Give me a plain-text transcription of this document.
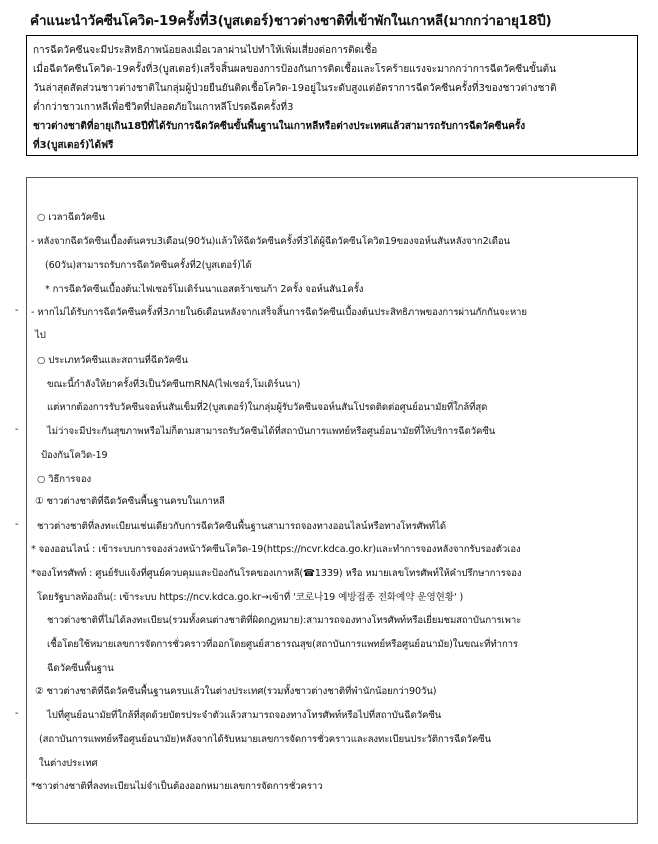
คำแนะนำวัคซีนโควิด-19ครั้งที่3(บูสเตอร์)ชาวต่างชาติที่เข้าพักในเกาหลี(มากกว่าอายุ18ปี)

การฉีดวัคซีนจะมีประสิทธิภาพน้อยลงเมื่อเวลาผ่านไปทำให้เพิ่มเสี่ยงต่อการติดเชื้อ

เมื่อฉีดวัคซีนโควิด-19ครั้งที่3(บูสเตอร์)เสร็จสิ้นผลของการป้องกันการติดเชื้อและโรคร้ายแรงจะมากกว่าการฉีดวัคซีนขั้นต้น

วันล่าสุดสัดส่วนชาวต่างชาติในกลุ่มผู้ป่วยยืนยันติดเชื้อโควิด-19อยู่ในระดับสูงแต่อัตราการฉีดวัคซีนครั้งที่3ของชาวต่างชาติ

ต่ำกว่าชาวเกาหลีเพื่อชีวิตที่ปลอดภัยในเกาหลีโปรดฉีดครั้งที่3

ชาวต่างชาติที่อายุเกิน18ปีที่ได้รับการฉีดวัคซีนขั้นพื้นฐานในเกาหลีหรือต่างประเทศแล้วสามารถรับการฉีดวัคซีนครั้ง

ที่3(บูสเตอร์)ได้ฟรี

○ เวลาฉีดวัคซีน
- หลังจากฉีดวัคซีนเบื้องต้นครบ3เดือน(90วัน)แล้วให้ฉีดวัคซีนครั้งที่3ได้ผู้ฉีดวัคซีนโควิด19ของจอห์นสันหลังจาก2เดือน
(60วัน)สามารถรับการฉีดวัคซีนครั้งที่2(บูสเตอร์)ได้
* การฉีดวัคซีนเบื้องต้น:ไฟเซอร์โมเดิร์นนาแอสตร้าเซนก้า 2ครั้ง จอห์นสัน1ครั้ง
- - หากไม่ได้รับการฉีดวัคซีนครั้งที่3ภายใน6เดือนหลังจากเสร็จสิ้นการฉีดวัคซีนเบื้องต้นประสิทธิภาพของการผ่านกักกันจะหาย
ไป
○ ประเภทวัคซีนและสถานที่ฉีดวัคซีน
ขณะนี้กำลังให้ยาครั้งที่3เป็นวัคซีนmRNA(ไฟเซอร์,โมเดิร์นนา)
แต่หากต้องการรับวัคซีนจอห์นสันเข็มที่2(บูสเตอร์)ในกลุ่มผู้รับวัคซีนจอห์นสันโปรดติดต่อศูนย์อนามัยที่ใกล้ที่สุด
-	ไม่ว่าจะมีประกันสุขภาพหรือไม่ก็ตามสามารถรับวัคซีนได้ที่สถาบันการแพทย์หรือศูนย์อนามัยที่ให้บริการฉีดวัคซีน
ป้องกันโควิด-19
○ วิธีการจอง
① ชาวต่างชาติที่ฉีดวัคซีนพื้นฐานครบในเกาหลี
- ชาวต่างชาติที่ลงทะเบียนเช่นเดียวกับการฉีดวัคซีนพื้นฐานสามารถจองทางออนไลน์หรือทางโทรศัพท์ได้
* จองออนไลน์ : เข้าระบบการจองล่วงหน้าวัคซีนโควิด-19(https://ncvr.kdca.go.kr)และทำการจองหลังจากรับรองตัวเอง
*จองโทรศัพท์ : ศูนย์รับแจ้งที่ศูนย์ควบคุมและป้องกันโรคของเกาหลี(☎1339) หรือ หมายเลขโทรศัพท์ให้คำปรึกษาการจอง
โดยรัฐบาลท้องถิ่น(: เข้าระบบ https://ncv.kdca.go.kr→เข้าที่ '코로나19 예방접종 전화예약 운영현황' )
ชาวต่างชาติที่ไม่ได้ลงทะเบียน(รวมทั้งคนต่างชาติที่ผิดกฎหมาย):สามารถจองทางโทรศัพท์หรือเยี่ยมชมสถาบันการเพาะ
เชื้อโดยใช้หมายเลขการจัดการชั่วคราวที่ออกโดยศูนย์สาธารณสุข(สถาบันการแพทย์หรือศูนย์อนามัย)ในขณะที่ทำการ
ฉีดวัคซีนพื้นฐาน
② ชาวต่างชาติที่ฉีดวัคซีนพื้นฐานครบแล้วในต่างประเทศ(รวมทั้งชาวต่างชาติที่พำนักน้อยกว่า90วัน)
-	ไปที่ศูนย์อนามัยที่ใกล้ที่สุดด้วยบัตรประจำตัวแล้วสามารถจองทางโทรศัพท์หรือไปที่สถาบันฉีดวัคซีน
(สถาบันการแพทย์หรือศูนย์อนามัย)หลังจากได้รับหมายเลขการจัดการชั่วคราวและลงทะเบียนประวัติการฉีดวัคซีน
ในต่างประเทศ
*ชาวต่างชาติที่ลงทะเบียนไม่จำเป็นต้องออกหมายเลขการจัดการชั่วคราว
